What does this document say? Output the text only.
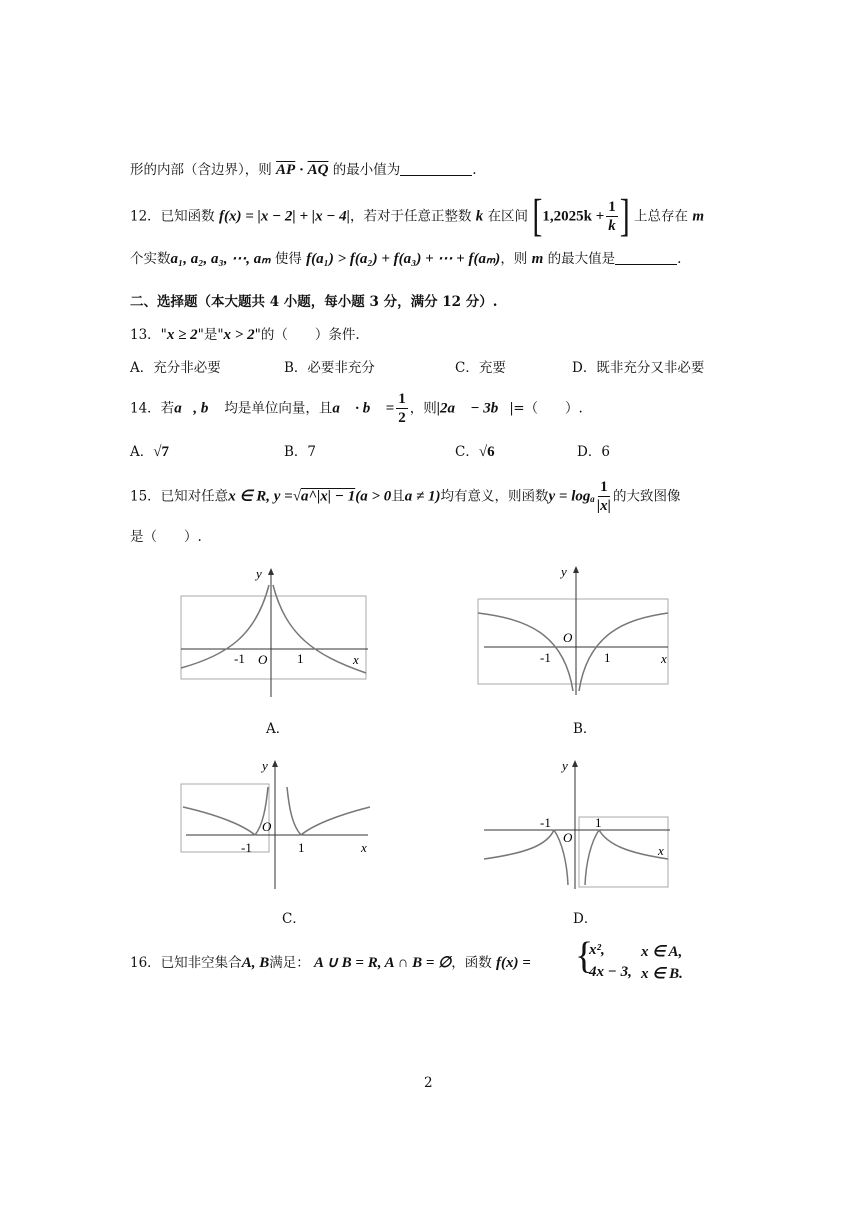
形的内部（含边界），则 $\overline{AP} \cdot \overline{AQ}$ 的最小值为	.
12．已知函数 f(x) = |x − 2| + |x − 4|，若对于任意正整数 k 在区间 [$1,2025k + \frac{1}{k}$ ] 上总存在 m
个实数a₁, a₂, a₃, ⋯, aₘ 使得 f(a₁) > f(a₂) + f(a₃) + ⋯ + f(aₘ)，则 m 的最大值是	.
二、选择题（本大题共 4 小题，每小题 3 分，满分 12 分）.
13．"x ≥ 2"是"x > 2"的（　　）条件.
A．充分非必要	B．必要非充分	C．充要	D．既非充分又非必要
14．若a⃗, b⃗ 均是单位向量，且a⃗ · b⃗ = $\frac{1}{2}$ ，则|2a⃗ − 3b⃗|=（　　）.
A．√7	B．7	C．√6	D．6
15．已知对任意x ∈ R, y =√a^|x| − 1(a > 0且a ≠ 1)均有意义，则函数y = logₐ $\frac{1}{|x|}$ 的大致图像
是（　　）.
y
x
O
-1	1
A．
y
x
O
-1	1
B．
y
x
O
-1	1
C．
y
x
O
-1	1
D．
16．已知非空集合A, B满足： A ∪ B = R, A ∩ B = ∅，函数 f(x) = {
x², x ∈ A,
4x − 3, x ∈ B.
2
